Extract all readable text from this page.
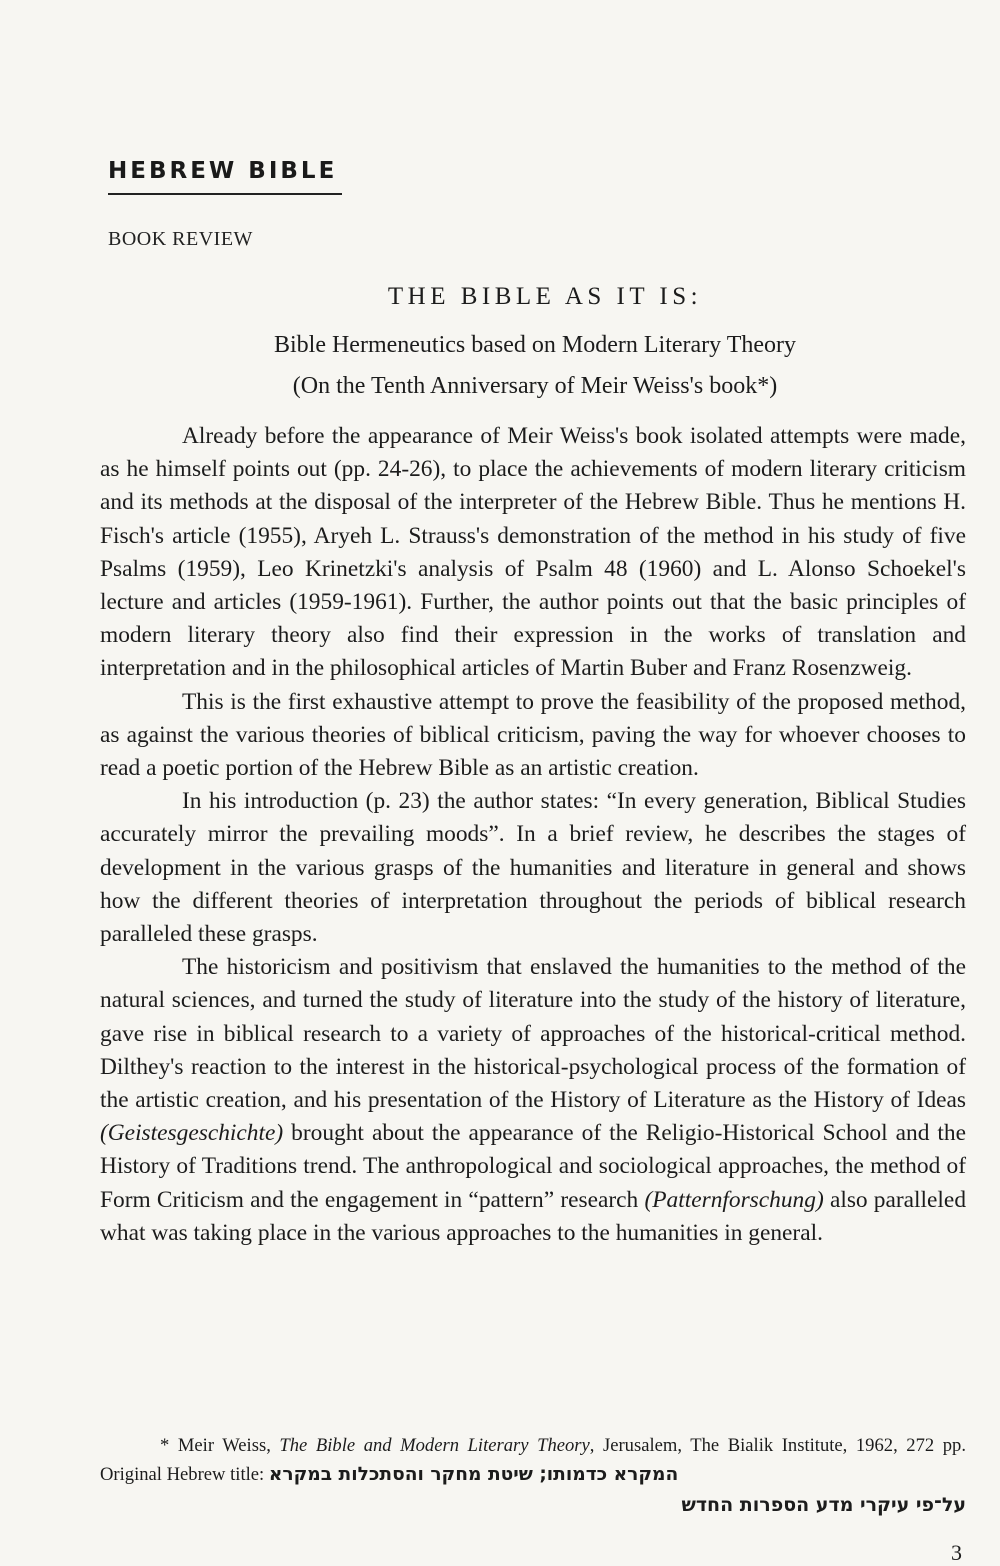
HEBREW BIBLE
BOOK REVIEW
THE BIBLE AS IT IS:
Bible Hermeneutics based on Modern Literary Theory
(On the Tenth Anniversary of Meir Weiss's book*)

Already before the appearance of Meir Weiss's book isolated attempts were made, as he himself points out (pp. 24-26), to place the achievements of modern literary criticism and its methods at the disposal of the interpreter of the Hebrew Bible. Thus he mentions H. Fisch's article (1955), Aryeh L. Strauss's demonstration of the method in his study of five Psalms (1959), Leo Krinetzki's analysis of Psalm 48 (1960) and L. Alonso Schoekel's lecture and articles (1959-1961). Further, the author points out that the basic principles of modern literary theory also find their expression in the works of translation and interpretation and in the philosophical articles of Martin Buber and Franz Rosenzweig.

This is the first exhaustive attempt to prove the feasibility of the proposed method, as against the various theories of biblical criticism, paving the way for whoever chooses to read a poetic portion of the Hebrew Bible as an artistic creation.

In his introduction (p. 23) the author states: “In every generation, Biblical Studies accurately mirror the prevailing moods”. In a brief review, he describes the stages of development in the various grasps of the humanities and literature in general and shows how the different theories of interpretation throughout the periods of biblical research paralleled these grasps.

The historicism and positivism that enslaved the humanities to the method of the natural sciences, and turned the study of literature into the study of the history of literature, gave rise in biblical research to a variety of approaches of the historical-critical method. Dilthey's reaction to the interest in the historical-psychological process of the formation of the artistic creation, and his presentation of the History of Literature as the History of Ideas (Geistesgeschichte) brought about the appearance of the Religio-Historical School and the History of Traditions trend. The anthropological and sociological approaches, the method of Form Criticism and the engagement in “pattern” research (Patternforschung) also paralleled what was taking place in the various approaches to the humanities in general.

* Meir Weiss, The Bible and Modern Literary Theory, Jerusalem, The Bialik Institute, 1962, 272 pp. Original Hebrew title: המקרא כדמותו; שיטת מחקר והסתכלות במקרא
על־פי עיקרי מדע הספרות החדש
3
